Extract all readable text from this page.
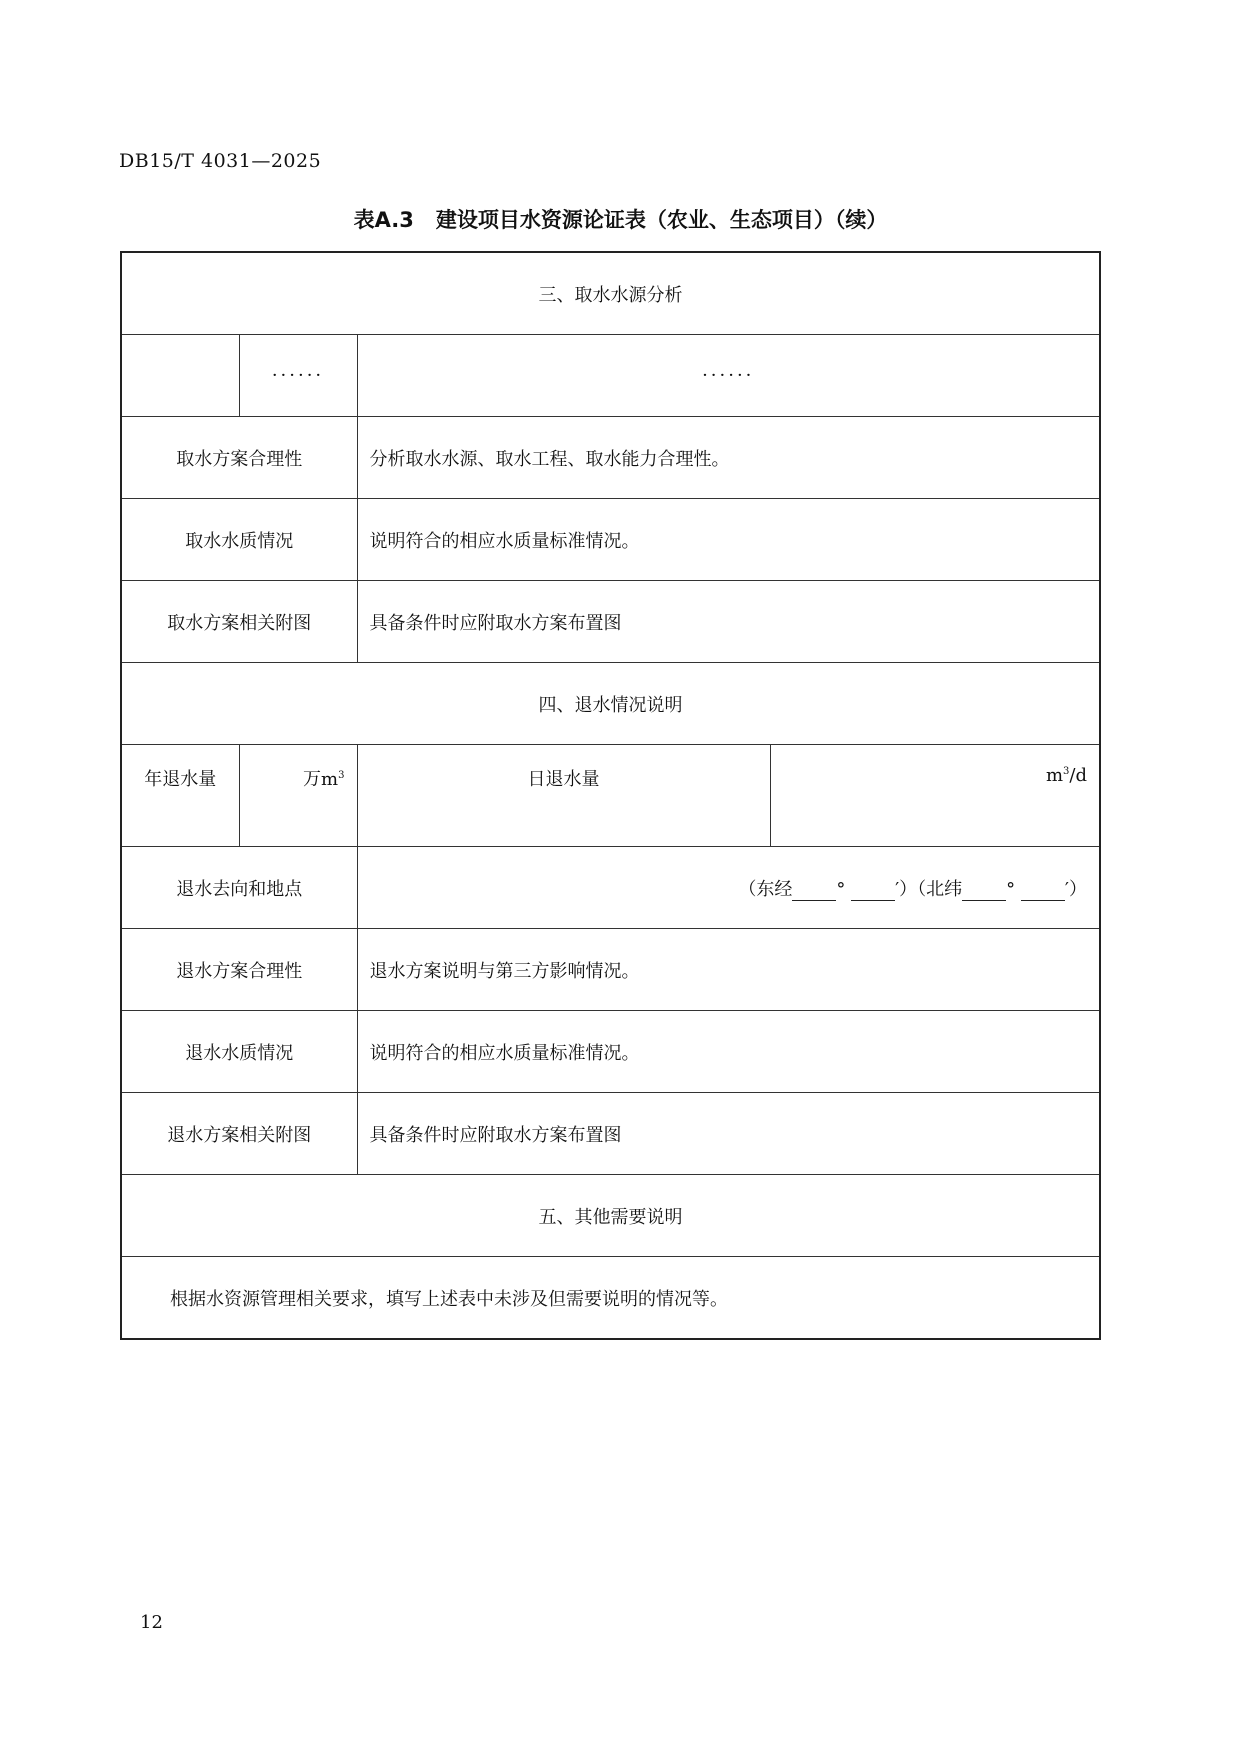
DB15/T 4031—2025
表A.3 建设项目水资源论证表（农业、生态项目）（续）
三、取水水源分析			
	······	······	
取水方案合理性		分析取水水源、取水工程、取水能力合理性。	
取水水质情况		说明符合的相应水质量标准情况。	
取水方案相关附图		具备条件时应附取水方案布置图	
四、退水情况说明			
年退水量	万$m^3$	日退水量	$m^3/d$
退水去向和地点		（东经 ° ′）（北纬 ° ′）	
退水方案合理性		退水方案说明与第三方影响情况。	
退水水质情况		说明符合的相应水质量标准情况。	
退水方案相关附图		具备条件时应附取水方案布置图	
五、其他需要说明			
根据水资源管理相关要求，填写上述表中未涉及但需要说明的情况等。			
12
